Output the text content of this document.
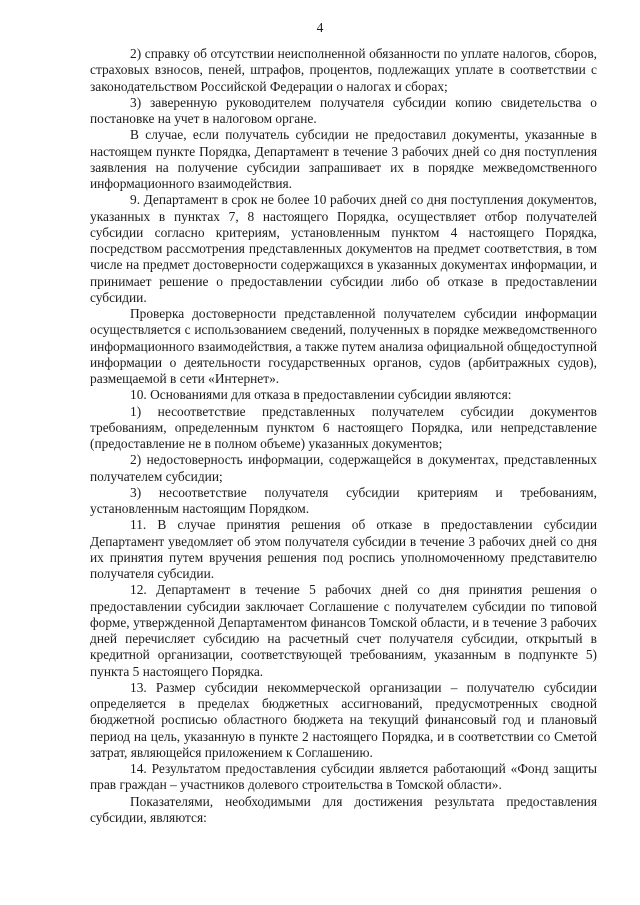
4

2) справку об отсутствии неисполненной обязанности по уплате налогов, сборов, страховых взносов, пеней, штрафов, процентов, подлежащих уплате в соответствии с законодательством Российской Федерации о налогах и сборах;

3) заверенную руководителем получателя субсидии копию свидетельства о постановке на учет в налоговом органе.

В случае, если получатель субсидии не предоставил документы, указанные в настоящем пункте Порядка, Департамент в течение 3 рабочих дней со дня поступления заявления на получение субсидии запрашивает их в порядке межведомственного информационного взаимодействия.

9. Департамент в срок не более 10 рабочих дней со дня поступления документов, указанных в пунктах 7, 8 настоящего Порядка, осуществляет отбор получателей субсидии согласно критериям, установленным пунктом 4 настоящего Порядка, посредством рассмотрения представленных документов на предмет соответствия, в том числе на предмет достоверности содержащихся в указанных документах информации, и принимает решение о предоставлении субсидии либо об отказе в предоставлении субсидии.

Проверка достоверности представленной получателем субсидии информации осуществляется с использованием сведений, полученных в порядке межведомственного информационного взаимодействия, а также путем анализа официальной общедоступной информации о деятельности государственных органов, судов (арбитражных судов), размещаемой в сети «Интернет».

10. Основаниями для отказа в предоставлении субсидии являются:

1) несоответствие представленных получателем субсидии документов требованиям, определенным пунктом 6 настоящего Порядка, или непредставление (предоставление не в полном объеме) указанных документов;

2) недостоверность информации, содержащейся в документах, представленных получателем субсидии;

3) несоответствие получателя субсидии критериям и требованиям, установленным настоящим Порядком.

11. В случае принятия решения об отказе в предоставлении субсидии Департамент уведомляет об этом получателя субсидии в течение 3 рабочих дней со дня их принятия путем вручения решения под роспись уполномоченному представителю получателя субсидии.

12. Департамент в течение 5 рабочих дней со дня принятия решения о предоставлении субсидии заключает Соглашение с получателем субсидии по типовой форме, утвержденной Департаментом финансов Томской области, и в течение 3 рабочих дней перечисляет субсидию на расчетный счет получателя субсидии, открытый в кредитной организации, соответствующей требованиям, указанным в подпункте 5) пункта 5 настоящего Порядка.

13. Размер субсидии некоммерческой организации – получателю субсидии определяется в пределах бюджетных ассигнований, предусмотренных сводной бюджетной росписью областного бюджета на текущий финансовый год и плановый период на цель, указанную в пункте 2 настоящего Порядка, и в соответствии со Сметой затрат, являющейся приложением к Соглашению.

14. Результатом предоставления субсидии является работающий «Фонд защиты прав граждан – участников долевого строительства в Томской области».

Показателями, необходимыми для достижения результата предоставления субсидии, являются:
